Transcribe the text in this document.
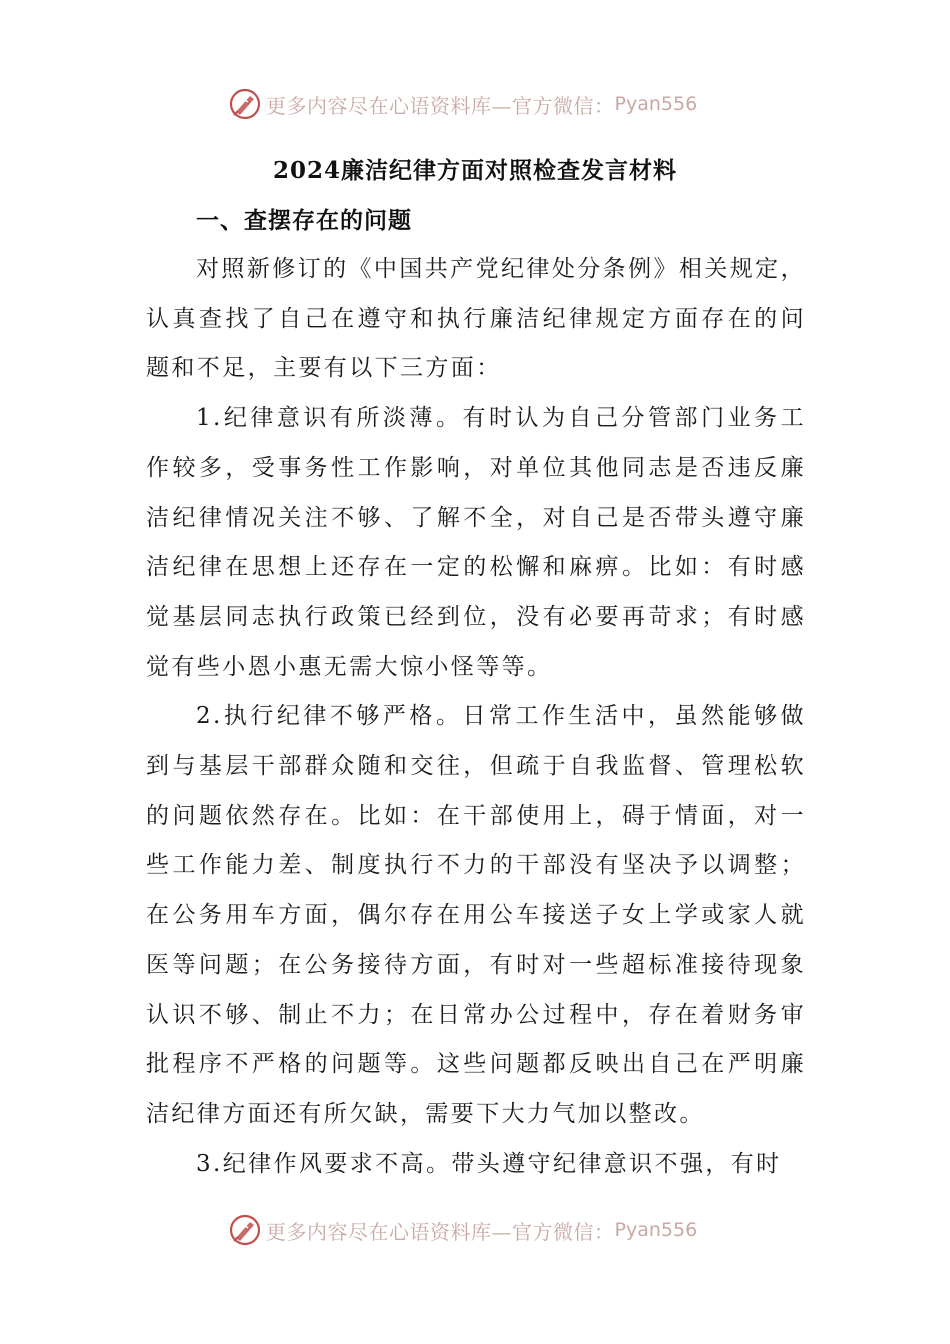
更多内容尽在心语资料库—官方微信： Pyan556
2024廉洁纪律方面对照检查发言材料
一、查摆存在的问题

对照新修订的《中国共产党纪律处分条例》相关规定，认真查找了自己在遵守和执行廉洁纪律规定方面存在的问题和不足，主要有以下三方面：

1.纪律意识有所淡薄。有时认为自己分管部门业务工作较多，受事务性工作影响，对单位其他同志是否违反廉洁纪律情况关注不够、了解不全，对自己是否带头遵守廉洁纪律在思想上还存在一定的松懈和麻痹。比如：有时感觉基层同志执行政策已经到位，没有必要再苛求；有时感觉有些小恩小惠无需大惊小怪等等。

2.执行纪律不够严格。日常工作生活中，虽然能够做到与基层干部群众随和交往，但疏于自我监督、管理松软的问题依然存在。比如：在干部使用上，碍于情面，对一些工作能力差、制度执行不力的干部没有坚决予以调整；在公务用车方面，偶尔存在用公车接送子女上学或家人就医等问题；在公务接待方面，有时对一些超标准接待现象认识不够、制止不力；在日常办公过程中，存在着财务审批程序不严格的问题等。这些问题都反映出自己在严明廉洁纪律方面还有所欠缺，需要下大力气加以整改。

3.纪律作风要求不高。带头遵守纪律意识不强，有时

更多内容尽在心语资料库—官方微信： Pyan556
